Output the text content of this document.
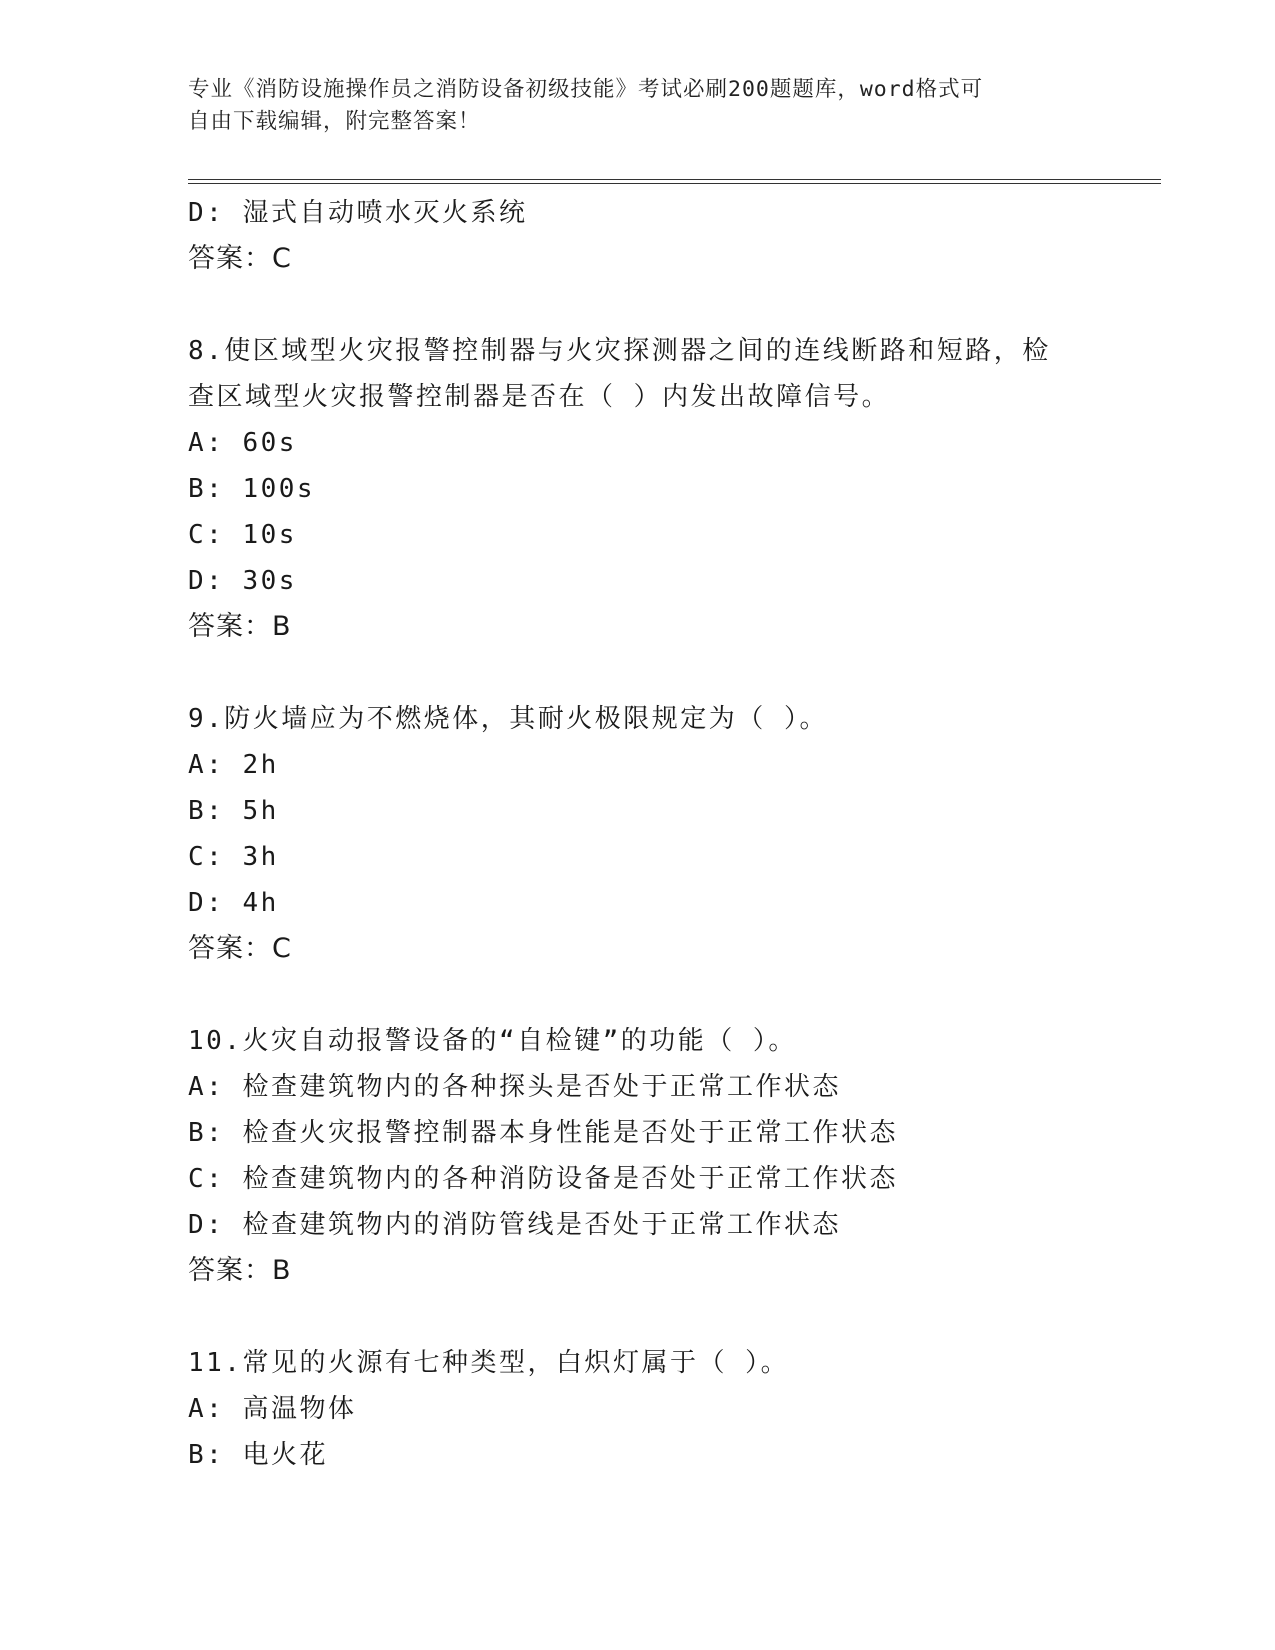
专业《消防设施操作员之消防设备初级技能》考试必刷200题题库，word格式可
自由下载编辑，附完整答案！
D: 湿式自动喷水灭火系统
答案：C
8.使区域型火灾报警控制器与火灾探测器之间的连线断路和短路，检
查区域型火灾报警控制器是否在（ ）内发出故障信号。
A: 60s
B: 100s
C: 10s
D: 30s
答案：B
9.防火墙应为不燃烧体，其耐火极限规定为（ ）。
A: 2h
B: 5h
C: 3h
D: 4h
答案：C
10.火灾自动报警设备的“自检键”的功能（ ）。
A: 检查建筑物内的各种探头是否处于正常工作状态
B: 检查火灾报警控制器本身性能是否处于正常工作状态
C: 检查建筑物内的各种消防设备是否处于正常工作状态
D: 检查建筑物内的消防管线是否处于正常工作状态
答案：B
11.常见的火源有七种类型，白炽灯属于（ ）。
A: 高温物体
B: 电火花
